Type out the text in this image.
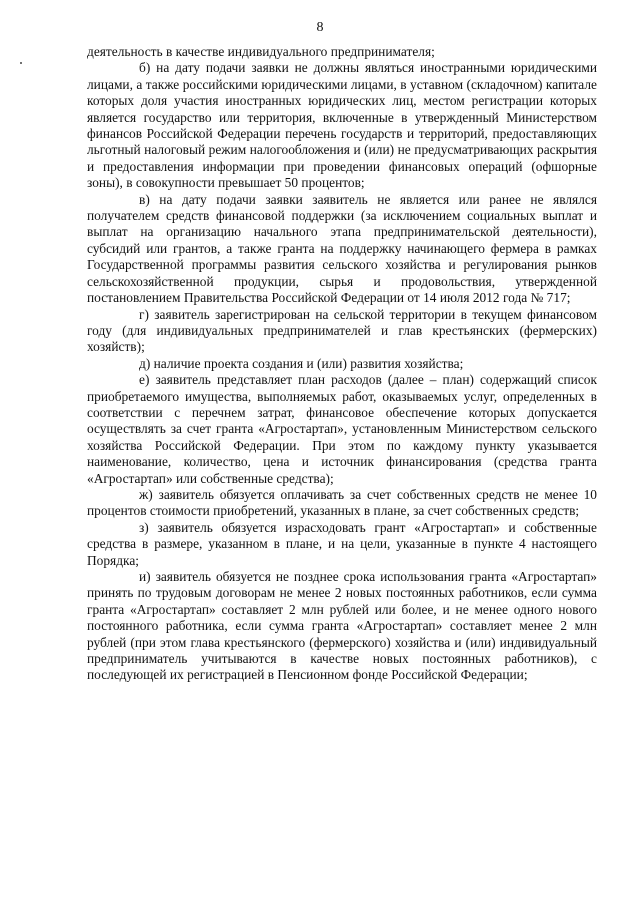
8

деятельность в качестве индивидуального предпринимателя;

б) на дату подачи заявки не должны являться иностранными юридическими лицами, а также российскими юридическими лицами, в уставном (складочном) капитале которых доля участия иностранных юридических лиц, местом регистрации которых является государство или территория, включенные в утвержденный Министерством финансов Российской Федерации перечень государств и территорий, предоставляющих льготный налоговый режим налогообложения и (или) не предусматривающих раскрытия и предоставления информации при проведении финансовых операций (офшорные зоны), в совокупности превышает 50 процентов;

в) на дату подачи заявки заявитель не является или ранее не являлся получателем средств финансовой поддержки (за исключением социальных выплат и выплат на организацию начального этапа предпринимательской деятельности), субсидий или грантов, а также гранта на поддержку начинающего фермера в рамках Государственной программы развития сельского хозяйства и регулирования рынков сельскохозяйственной продукции, сырья и продовольствия, утвержденной постановлением Правительства Российской Федерации от 14 июля 2012 года № 717;

г) заявитель зарегистрирован на сельской территории в текущем финансовом году (для индивидуальных предпринимателей и глав крестьянских (фермерских) хозяйств);

д) наличие проекта создания и (или) развития хозяйства;

е) заявитель представляет план расходов (далее – план) содержащий список приобретаемого имущества, выполняемых работ, оказываемых услуг, определенных в соответствии с перечнем затрат, финансовое обеспечение которых допускается осуществлять за счет гранта «Агростартап», установленным Министерством сельского хозяйства Российской Федерации. При этом по каждому пункту указывается наименование, количество, цена и источник финансирования (средства гранта «Агростартап» или собственные средства);

ж) заявитель обязуется оплачивать за счет собственных средств не менее 10 процентов стоимости приобретений, указанных в плане, за счет собственных средств;

з) заявитель обязуется израсходовать грант «Агростартап» и собственные средства в размере, указанном в плане, и на цели, указанные в пункте 4 настоящего Порядка;

и) заявитель обязуется не позднее срока использования гранта «Агростартап» принять по трудовым договорам не менее 2 новых постоянных работников, если сумма гранта «Агростартап» составляет 2 млн рублей или более, и не менее одного нового постоянного работника, если сумма гранта «Агростартап» составляет менее 2 млн рублей (при этом глава крестьянского (фермерского) хозяйства и (или) индивидуальный предприниматель учитываются в качестве новых постоянных работников), с последующей их регистрацией в Пенсионном фонде Российской Федерации;
